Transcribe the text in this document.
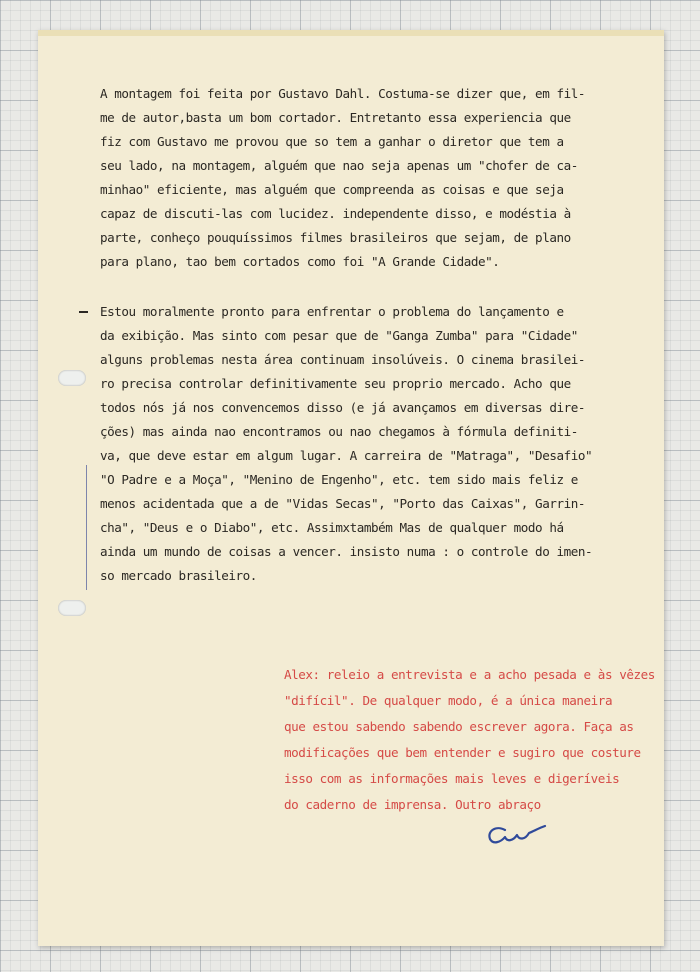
A montagem foi feita por Gustavo Dahl. Costuma-se dizer que, em fil-
me de autor,basta um bom cortador. Entretanto essa experiencia que
fiz com Gustavo me provou que so tem a ganhar o diretor que tem a
seu lado, na montagem, alguém que nao seja apenas um "chofer de ca-
minhao" eficiente, mas alguém que compreenda as coisas e que seja
capaz de discuti-las com lucidez. independente disso, e modéstia à
parte, conheço pouquíssimos filmes brasileiros que sejam, de plano
para plano, tao bem cortados como foi "A Grande Cidade".
Estou moralmente pronto para enfrentar o problema do lançamento e
da exibição. Mas sinto com pesar que de "Ganga Zumba" para "Cidade"
alguns problemas nesta área continuam insolúveis. O cinema brasilei-
ro precisa controlar definitivamente seu proprio mercado. Acho que
todos nós já nos convencemos disso (e já avançamos em diversas dire-
ções) mas ainda nao encontramos ou nao chegamos à fórmula definiti-
va, que deve estar em algum lugar. A carreira de "Matraga", "Desafio"
"O Padre e a Moça", "Menino de Engenho", etc. tem sido mais feliz e
menos acidentada que a de "Vidas Secas", "Porto das Caixas", Garrin-
cha", "Deus e o Diabo", etc. Assimxtambém Mas de qualquer modo há
ainda um mundo de coisas a vencer. insisto numa : o controle do imen-
so mercado brasileiro.
Alex: releio a entrevista e a acho pesada e às vêzes
"difícil". De qualquer modo, é a única maneira
que estou sabendo sabendo escrever agora. Faça as
modificações que bem entender e sugiro que costure
isso com as informações mais leves e digeríveis
do caderno de imprensa. Outro abraço
